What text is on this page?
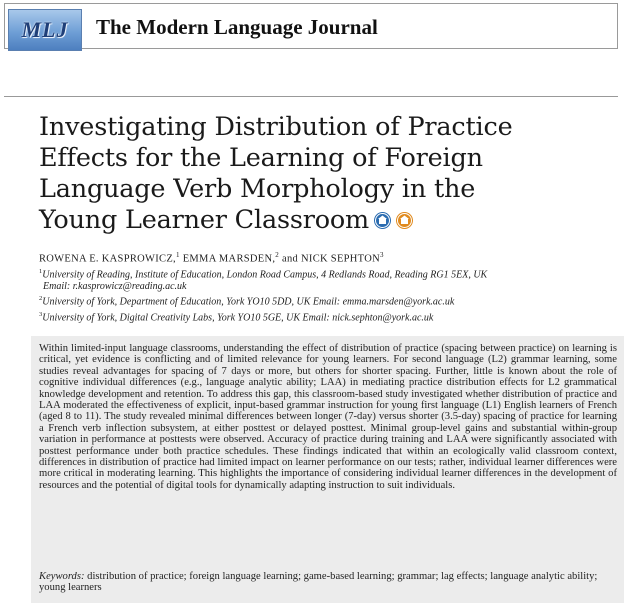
MLJ The Modern Language Journal
Investigating Distribution of Practice
Effects for the Learning of Foreign
Language Verb Morphology in the
Young Learner Classroom
ROWENA E. KASPROWICZ,$^1$ EMMA MARSDEN,$^2$ and NICK SEPHTON$^3$
$^1$University of Reading, Institute of Education, London Road Campus, 4 Redlands Road, Reading RG1 5EX, UK
Email: r.kasprowicz@reading.ac.uk
$^2$University of York, Department of Education, York YO10 5DD, UK Email: emma.marsden@york.ac.uk
$^3$University of York, Digital Creativity Labs, York YO10 5GE, UK Email: nick.sephton@york.ac.uk

Within limited-input language classrooms, understanding the effect of distribution of practice (spacing between practice) on learning is critical, yet evidence is conflicting and of limited relevance for young learners. For second language (L2) grammar learning, some studies reveal advantages for spacing of 7 days or more, but others for shorter spacing. Further, little is known about the role of cognitive individual differences (e.g., language analytic ability; LAA) in mediating practice distribution effects for L2 grammatical knowledge development and retention. To address this gap, this classroom-based study investigated whether distribution of practice and LAA moderated the effectiveness of explicit, input-based grammar instruction for young first language (L1) English learners of French (aged 8 to 11). The study revealed minimal differences between longer (7-day) versus shorter (3.5-day) spacing of practice for learning a French verb inflection subsystem, at either posttest or delayed posttest. Minimal group-level gains and substantial within-group variation in performance at posttests were observed. Accuracy of practice during training and LAA were significantly associated with posttest performance under both practice schedules. These findings indicated that within an ecologically valid classroom context, differences in distribution of practice had limited impact on learner performance on our tests; rather, individual learner differences were more critical in moderating learning. This highlights the importance of considering individual learner differences in the development of resources and the potential of digital tools for dynamically adapting instruction to suit individuals.

Keywords: distribution of practice; foreign language learning; game-based learning; grammar; lag effects; language analytic ability; young learners
